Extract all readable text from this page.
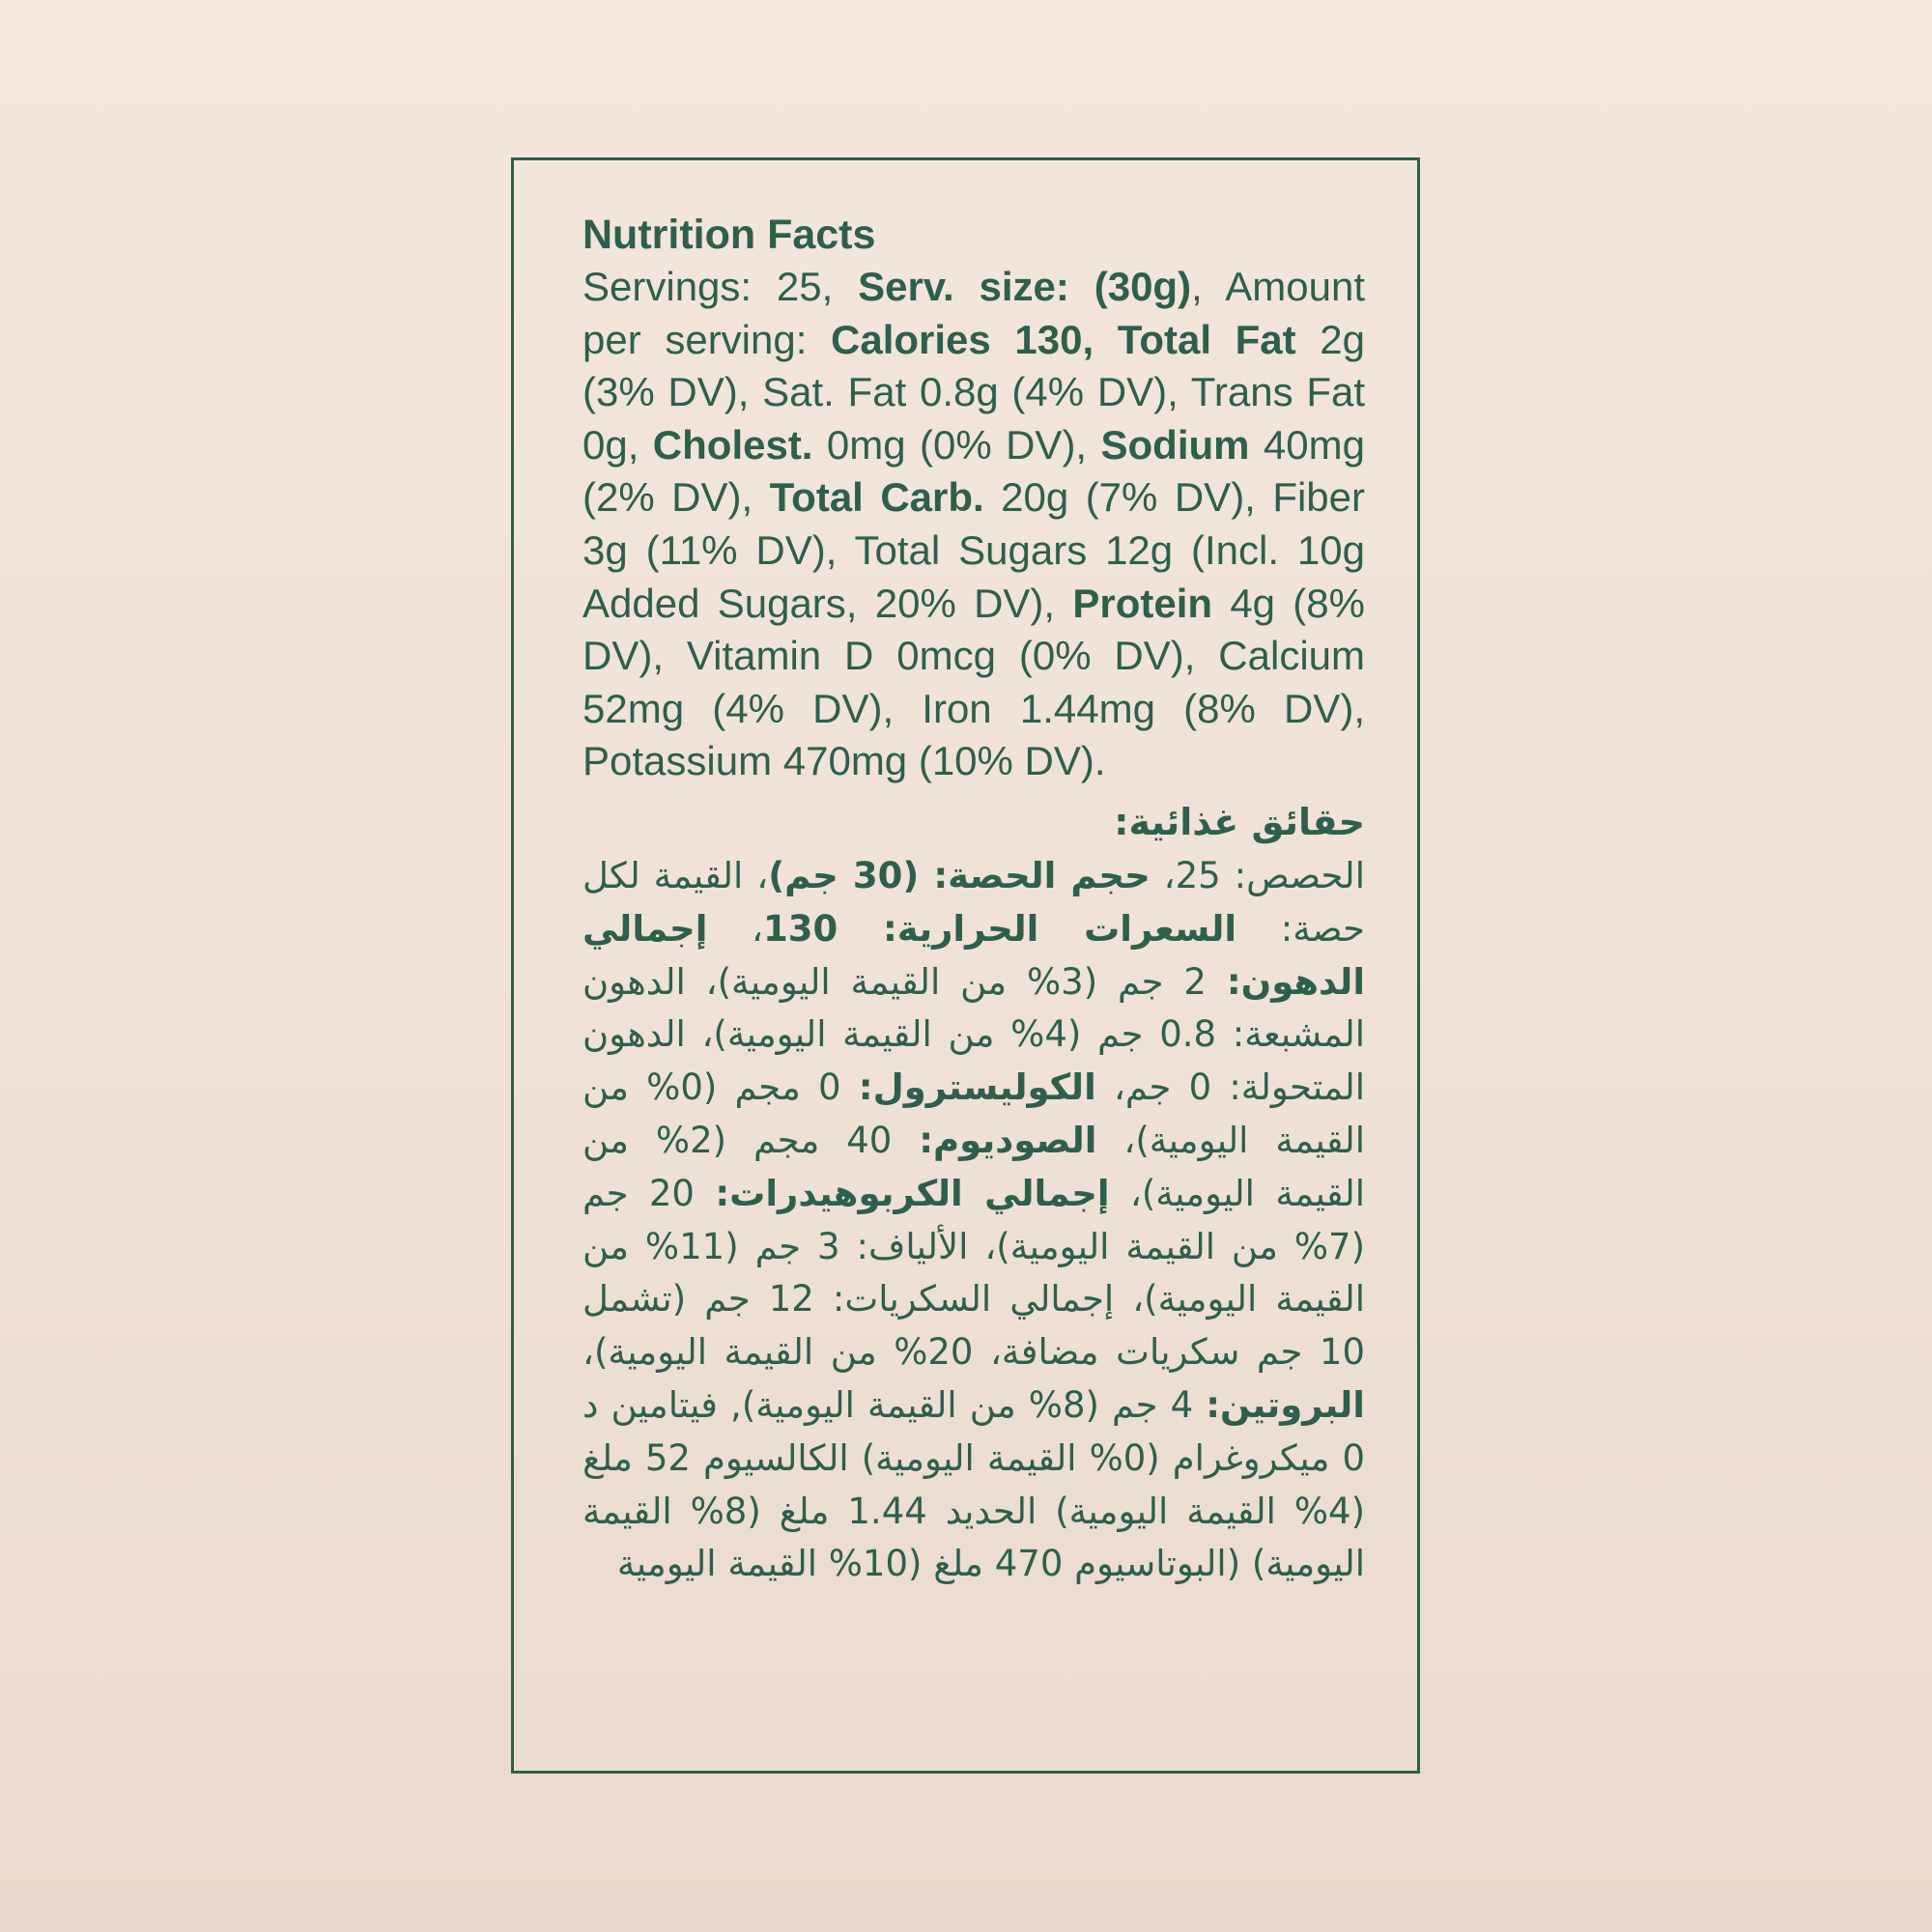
Nutrition Facts

Servings: 25, Serv. size: (30g), Amount per serving: Calories 130, Total Fat 2g (3% DV), Sat. Fat 0.8g (4% DV), Trans Fat 0g, Cholest. 0mg (0% DV), Sodium 40mg (2% DV), Total Carb. 20g (7% DV), Fiber 3g (11% DV), Total Sugars 12g (Incl. 10g Added Sugars, 20% DV), Protein 4g (8% DV), Vitamin D 0mcg (0% DV), Calcium 52mg (4% DV), Iron 1.44mg (8% DV), Potassium 470mg (10% DV).

حقائق غذائية:

الحصص: 25، حجم الحصة: (30 جم)، القيمة لكل حصة: السعرات الحرارية: 130، إجمالي الدهون: 2 جم (3% من القيمة اليومية)، الدهون المشبعة: 0.8 جم (4% من القيمة اليومية)، الدهون المتحولة: 0 جم، الكوليسترول: 0 مجم (0% من القيمة اليومية)، الصوديوم: 40 مجم (2% من القيمة اليومية)، إجمالي الكربوهيدرات: 20 جم (7% من القيمة اليومية)، الألياف: 3 جم (11% من القيمة اليومية)، إجمالي السكريات: 12 جم (تشمل 10 جم سكريات مضافة، 20% من القيمة اليومية)، البروتين: 4 جم (8% من القيمة اليومية), فيتامين د 0 ميكروغرام (0% القيمة اليومية) الكالسيوم 52 ملغ (4% القيمة اليومية) الحديد 1.44 ملغ (8% القيمة اليومية) (البوتاسيوم 470 ملغ (10% القيمة اليومية
